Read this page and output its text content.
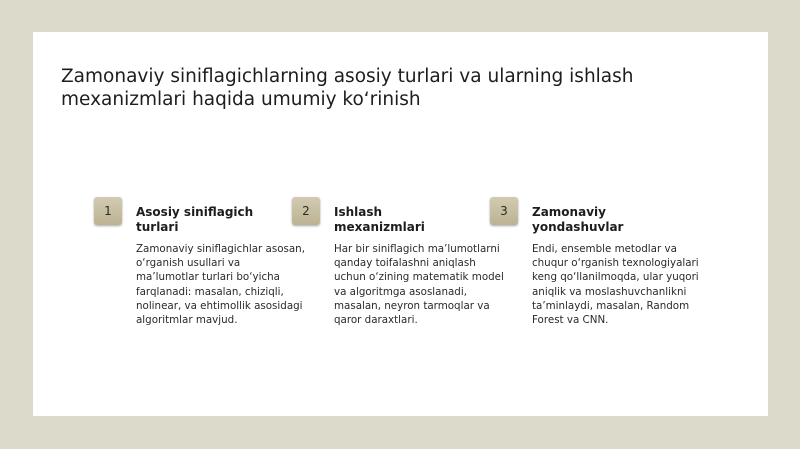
Zamonaviy siniflagichlarning asosiy turlari va ularning ishlash mexanizmlari haqida umumiy ko‘rinish
1	Asosiy siniflagich turlari

Zamonaviy siniflagichlar asosan, o‘rganish usullari va ma’lumotlar turlari bo‘yicha farqlanadi: masalan, chiziqli, nolinear, va ehtimollik asosidagi algoritmlar mavjud.

2	Ishlash mexanizmlari

Har bir siniflagich ma’lumotlarni qanday toifalashni aniqlash uchun o‘zining matematik model va algoritmga asoslanadi, masalan, neyron tarmoqlar va qaror daraxtlari.

3	Zamonaviy yondashuvlar

Endi, ensemble metodlar va chuqur o‘rganish texnologiyalari keng qo‘llanilmoqda, ular yuqori aniqlik va moslashuvchanlikni ta’minlaydi, masalan, Random Forest va CNN.
